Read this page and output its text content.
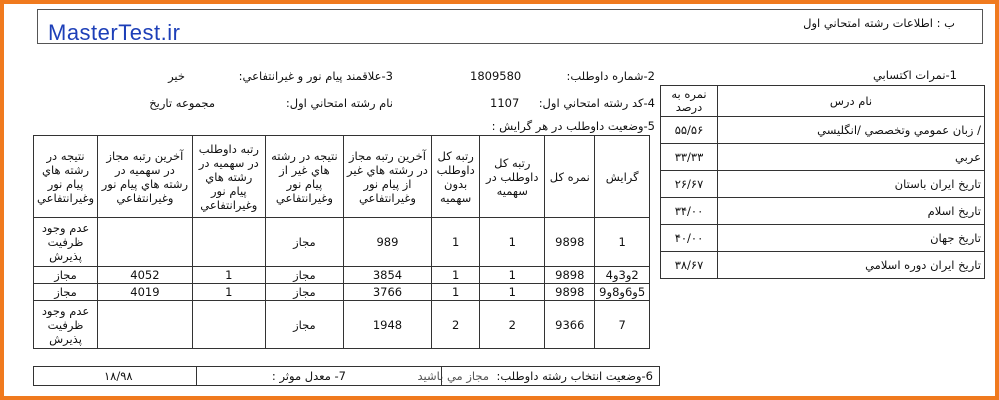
MasterTest.ir	ب : اطلاعات رشته امتحاني اول
1-نمرات اكتسابي
2-شماره داوطلب:
1809580
3-علاقمند پيام نور و غيرانتفاعي:
خير
4-كد رشته امتحاني اول:
1107
نام رشته امتحاني اول:
مجموعه تاريخ
5-وضعيت داوطلب در هر گرايش :
نمره به درصد	نام درس
۵۵/۵۶	/ زبان عمومي وتخصصي /انگليسي
۳۳/۳۳	عربي
۲۶/۶۷	تاريخ ايران باستان
۳۴/۰۰	تاريخ اسلام
۴۰/۰۰	تاريخ جهان
۳۸/۶۷	تاريخ ايران دوره اسلامي
گرايش	نمره كل	رتبه كل داوطلب در سهميه	رتبه كل داوطلب بدون سهميه	آخرين رتبه مجاز در رشته هاي غير از پيام نور وغيرانتفاعي	نتيجه در رشته هاي غير از پيام نور وغيرانتفاعي	رتبه داوطلب در سهميه در رشته هاي پيام نور وغيرانتفاعي	آخرين رتبه مجاز در سهميه در رشته هاي پيام نور وغيرانتفاعي	نتيجه در رشته هاي پيام نور وغيرانتفاعي
1	9898	1	1	989	مجاز			عدم وجود ظرفيت پذيرش
2و3و4	9898	1	1	3854	مجاز	1	4052	مجاز
5و6و8و9	9898	1	1	3766	مجاز	1	4019	مجاز
7	9366	2	2	1948	مجاز			عدم وجود ظرفيت پذيرش
6-وضعيت انتخاب رشته داوطلب:
مجاز مي باشيد
7- معدل موثر :
۱۸/۹۸
